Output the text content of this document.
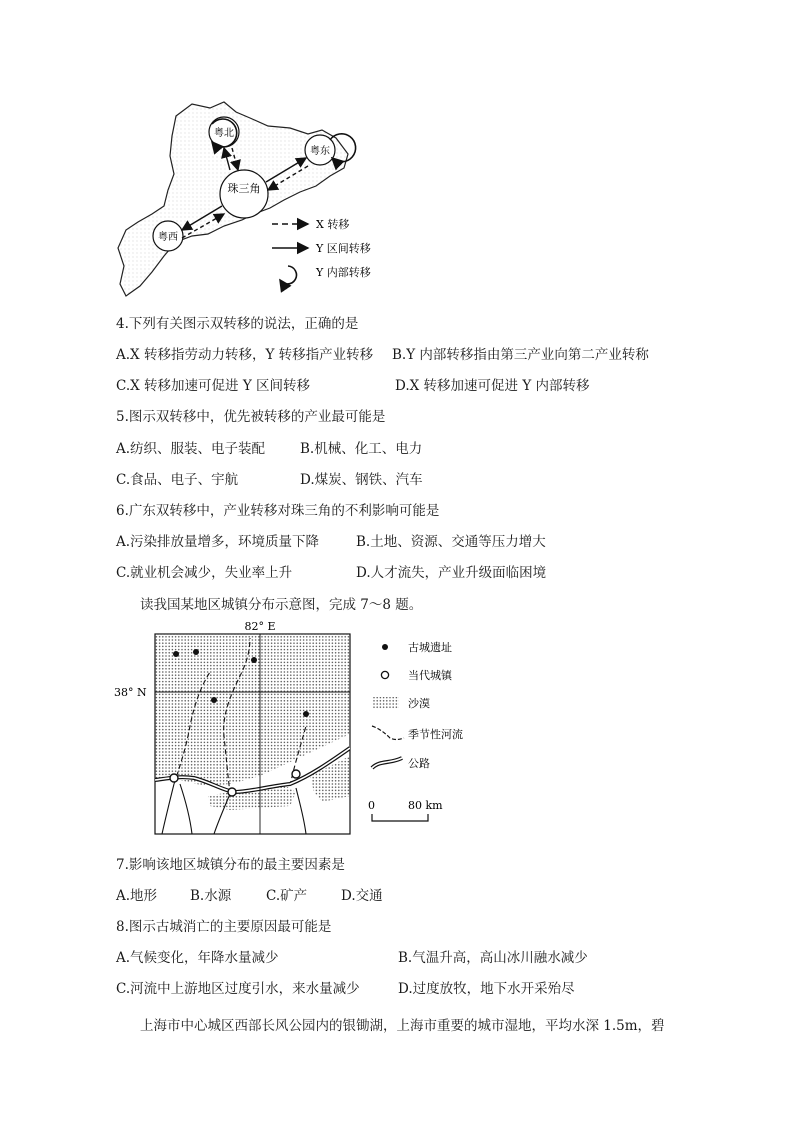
粤北
粤东
珠三角
粤西
X 转移
Y 区间转移
Y 内部转移
4.下列有关图示双转移的说法，正确的是
A.X 转移指劳动力转移，Y 转移指产业转移 B.Y 内部转移指由第三产业向第二产业转称
C.X 转移加速可促进 Y 区间转移	D.X 转移加速可促进 Y 内部转移
5.图示双转移中，优先被转移的产业最可能是
A.纺织、服装、电子装配	B.机械、化工、电力
C.食品、电子、宇航	D.煤炭、钢铁、汽车
6.广东双转移中，产业转移对珠三角的不利影响可能是
A.污染排放量增多，环境质量下降	B.土地、资源、交通等压力增大
C.就业机会减少，失业率上升	D.人才流失，产业升级面临困境
读我国某地区城镇分布示意图，完成 7～8 题。
82° E
38° N
古城遗址
当代城镇
沙漠
季节性河流
公路
0	80 km
7.影响该地区城镇分布的最主要因素是
A.地形 B.水源	C.矿产	D.交通
8.图示古城消亡的主要原因最可能是
A.气候变化，年降水量减少	B.气温升高，高山冰川融水减少
C.河流中上游地区过度引水，来水量减少	D.过度放牧，地下水开采殆尽
上海市中心城区西部长风公园内的银锄湖，上海市重要的城市湿地，平均水深 1.5m，碧
